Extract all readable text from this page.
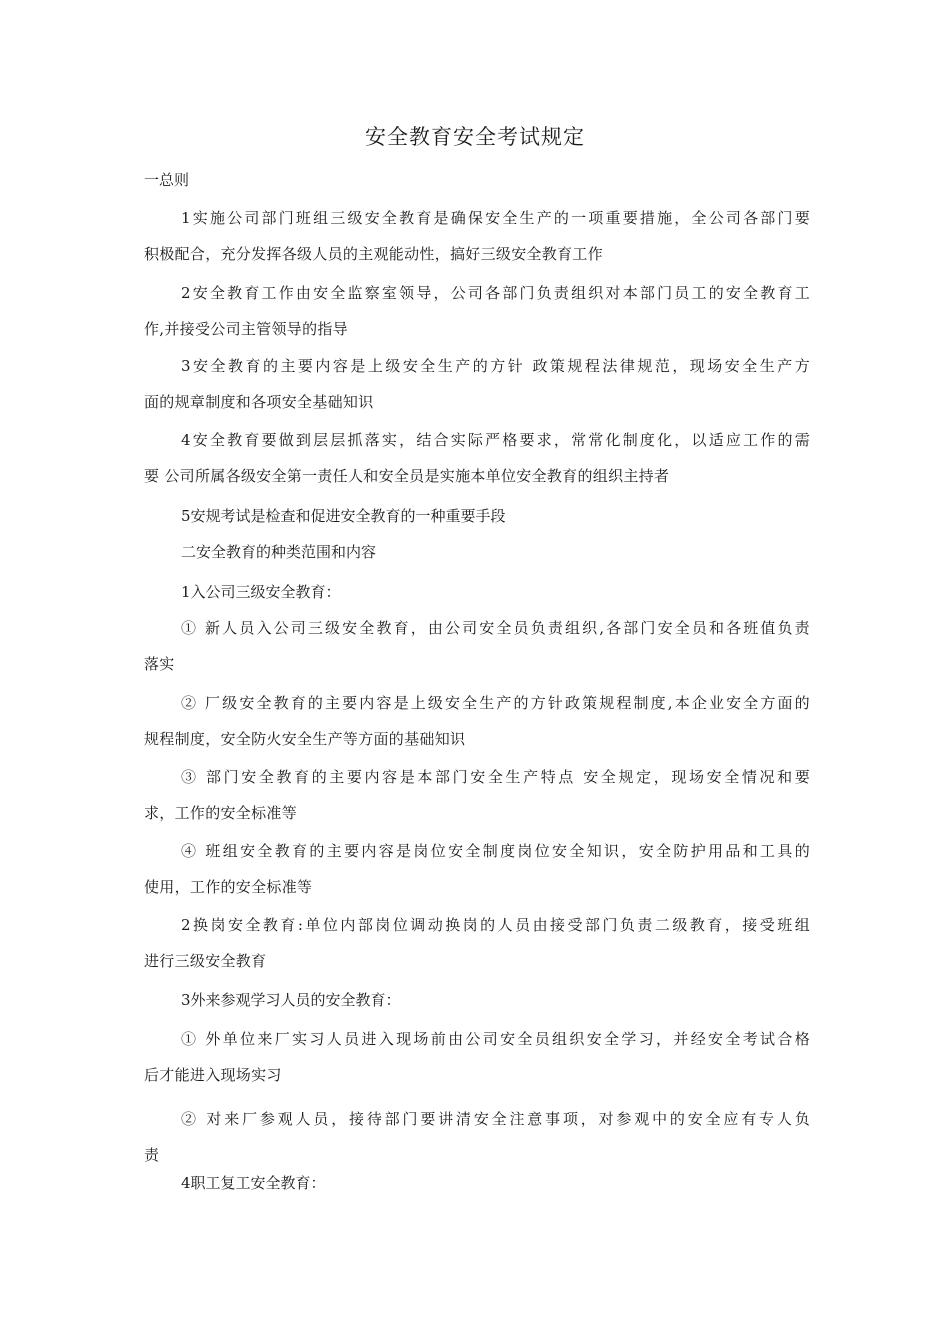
安全教育安全考试规定
一总则
1实施公司部门班组三级安全教育是确保安全生产的一项重要措施，全公司各部门要
积极配合，充分发挥各级人员的主观能动性，搞好三级安全教育工作
2安全教育工作由安全监察室领导，公司各部门负责组织对本部门员工的安全教育工
作,并接受公司主管领导的指导
3安全教育的主要内容是上级安全生产的方针 政策规程法律规范，现场安全生产方
面的规章制度和各项安全基础知识
4安全教育要做到层层抓落实，结合实际严格要求，常常化制度化，以适应工作的需
要 公司所属各级安全第一责任人和安全员是实施本单位安全教育的组织主持者
5安规考试是检查和促进安全教育的一种重要手段
二安全教育的种类范围和内容
1入公司三级安全教育：
① 新人员入公司三级安全教育，由公司安全员负责组织,各部门安全员和各班值负责
落实
② 厂级安全教育的主要内容是上级安全生产的方针政策规程制度,本企业安全方面的
规程制度，安全防火安全生产等方面的基础知识
③ 部门安全教育的主要内容是本部门安全生产特点 安全规定，现场安全情况和要
求，工作的安全标准等
④ 班组安全教育的主要内容是岗位安全制度岗位安全知识，安全防护用品和工具的
使用，工作的安全标准等
2换岗安全教育:单位内部岗位调动换岗的人员由接受部门负责二级教育，接受班组
进行三级安全教育
3外来参观学习人员的安全教育：
① 外单位来厂实习人员进入现场前由公司安全员组织安全学习，并经安全考试合格
后才能进入现场实习
② 对来厂参观人员，接待部门要讲清安全注意事项，对参观中的安全应有专人负
责
4职工复工安全教育：
